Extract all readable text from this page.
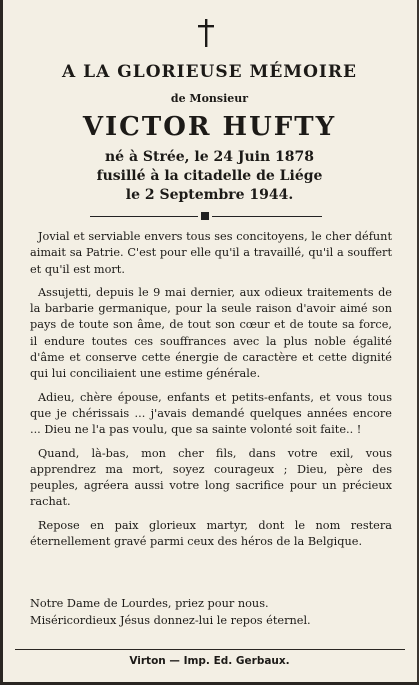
A LA GLORIEUSE MÉMOIRE
de Monsieur
VICTOR HUFTY
né à Strée, le 24 Juin 1878
fusillé à la citadelle de Liége
le 2 Septembre 1944.

Jovial et serviable envers tous ses concitoyens, le cher défunt aimait sa Patrie. C'est pour elle qu'il a travaillé, qu'il a souffert et qu'il est mort.

Assujetti, depuis le 9 mai dernier, aux odieux traitements de la barbarie germanique, pour la seule raison d'avoir aimé son pays de toute son âme, de tout son cœur et de toute sa force, il endure toutes ces souffrances avec la plus noble égalité d'âme et conserve cette énergie de caractère et cette dignité qui lui conciliaient une estime générale.

Adieu, chère épouse, enfants et petits-enfants, et vous tous que je chérissais ... j'avais demandé quelques années encore ... Dieu ne l'a pas voulu, que sa sainte volonté soit faite.. !

Quand, là-bas, mon cher fils, dans votre exil, vous apprendrez ma mort, soyez courageux ; Dieu, père des peuples, agréera aussi votre long sacrifice pour un précieux rachat.

Repose en paix glorieux martyr, dont le nom restera éternellement gravé parmi ceux des héros de la Belgique.

Notre Dame de Lourdes, priez pour nous.
Miséricordieux Jésus donnez-lui le repos éternel.
Virton — Imp. Ed. Gerbaux.
